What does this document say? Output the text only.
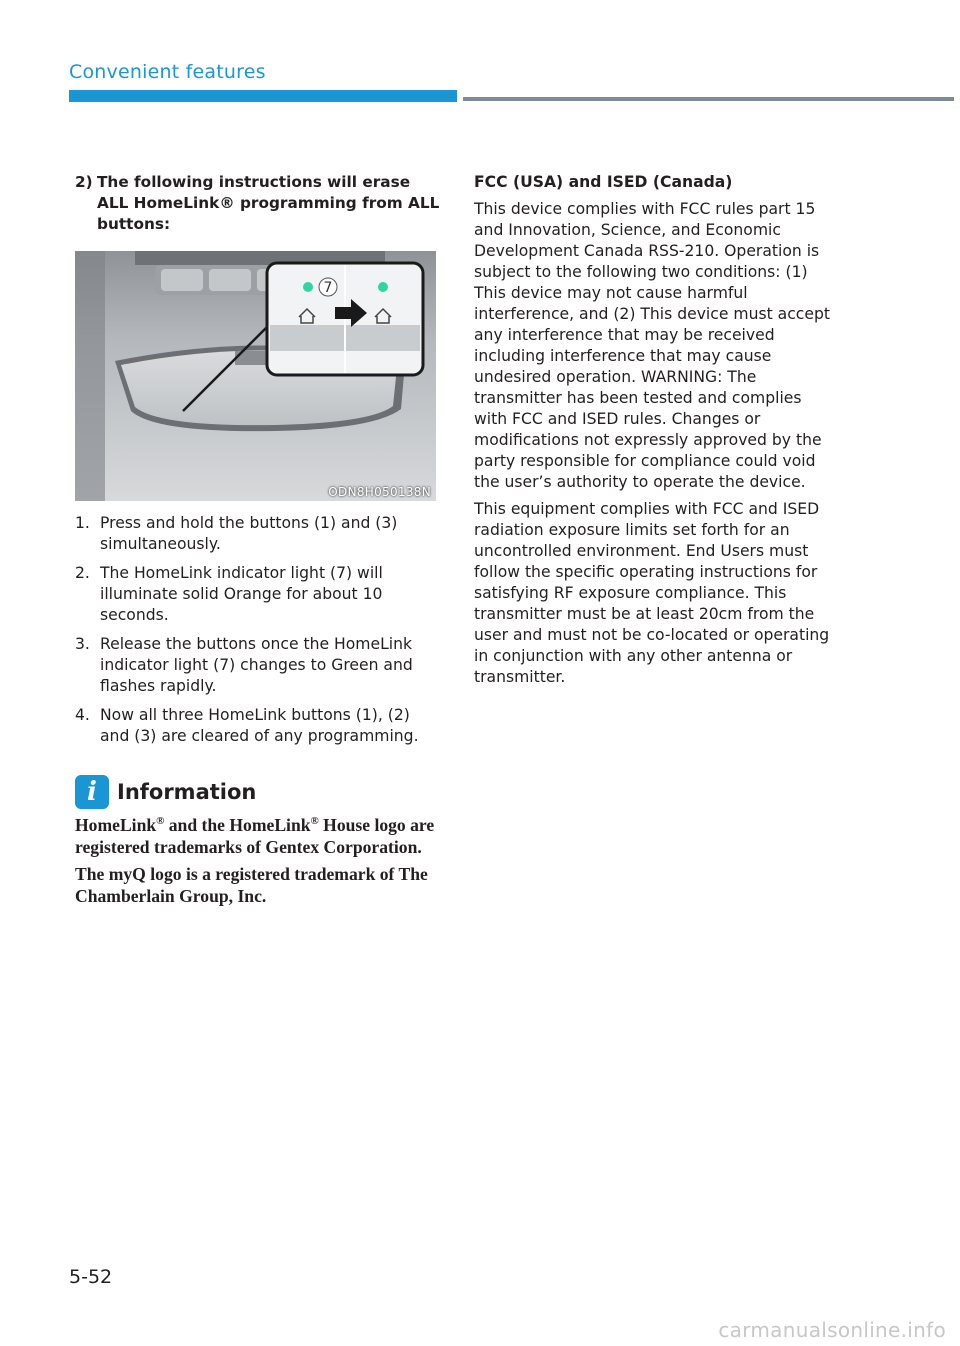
Convenient features
2) The following instructions will erase ALL HomeLink® programming from ALL buttons:
7
ODN8H050138N
1. Press and hold the buttons (1) and (3) simultaneously.
2. The HomeLink indicator light (7) will illuminate solid Orange for about 10 seconds.
3. Release the buttons once the HomeLink indicator light (7) changes to Green and flashes rapidly.
4. Now all three HomeLink buttons (1), (2) and (3) are cleared of any programming.
i Information

HomeLink® and the HomeLink® House logo are registered trademarks of Gentex Corporation.

The myQ logo is a registered trademark of The Chamberlain Group, Inc.

FCC (USA) and ISED (Canada)

This device complies with FCC rules part 15 and Innovation, Science, and Economic Development Canada RSS-210. Operation is subject to the following two conditions: (1) This device may not cause harmful interference, and (2) This device must accept any interference that may be received including interference that may cause undesired operation. WARNING: The transmitter has been tested and complies with FCC and ISED rules. Changes or modifications not expressly approved by the party responsible for compliance could void the user’s authority to operate the device.

This equipment complies with FCC and ISED radiation exposure limits set forth for an uncontrolled environment. End Users must follow the specific operating instructions for satisfying RF exposure compliance. This transmitter must be at least 20cm from the user and must not be co-located or operating in conjunction with any other antenna or transmitter.

5-52
carmanualsonline.info
